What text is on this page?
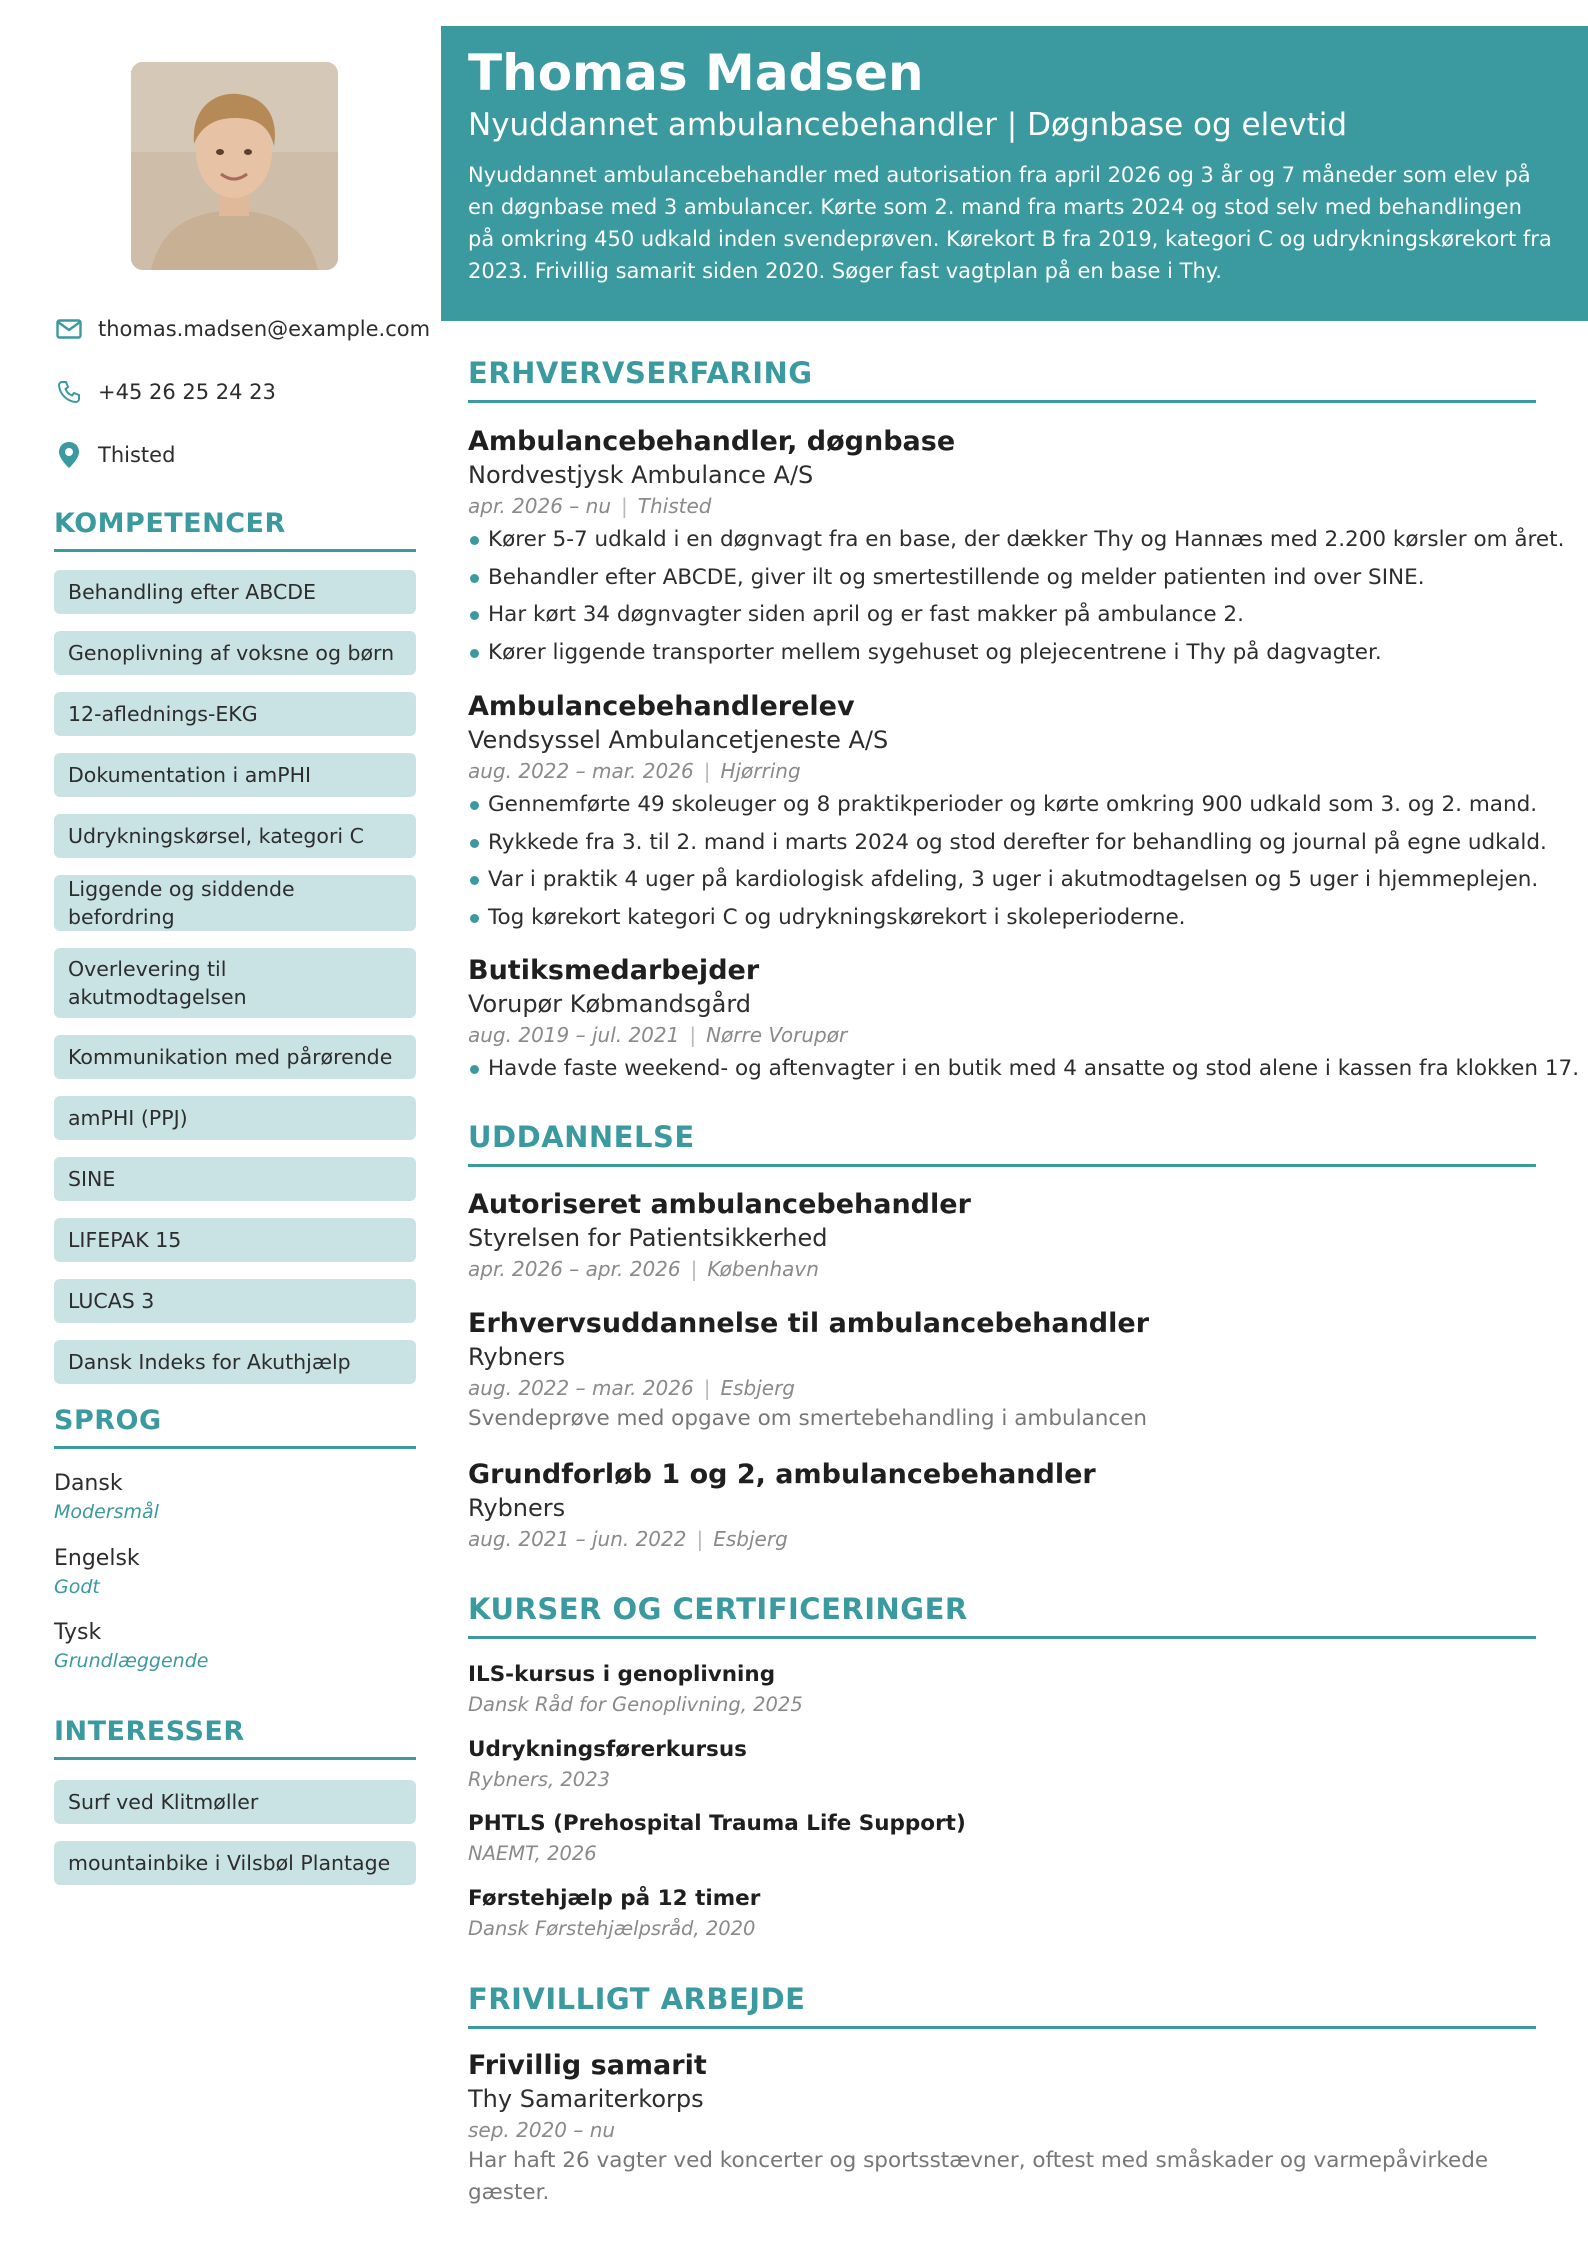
thomas.madsen@example.com
+45 26 25 24 23
Thisted
KOMPETENCER
Behandling efter ABCDE
Genoplivning af voksne og børn
12-aflednings-EKG
Dokumentation i amPHI
Udrykningskørsel, kategori C
Liggende og siddende befordring
Overlevering til akutmodtagelsen
Kommunikation med pårørende
amPHI (PPJ)
SINE
LIFEPAK 15
LUCAS 3
Dansk Indeks for Akuthjælp
SPROG
Dansk
Modersmål
Engelsk
Godt
Tysk
Grundlæggende
INTERESSER
Surf ved Klitmøller
mountainbike i Vilsbøl Plantage
Thomas Madsen
Nyuddannet ambulancebehandler | Døgnbase og elevtid
Nyuddannet ambulancebehandler med autorisation fra april 2026 og 3 år og 7 måneder som elev på en døgnbase med 3 ambulancer. Kørte som 2. mand fra marts 2024 og stod selv med behandlingen på omkring 450 udkald inden svendeprøven. Kørekort B fra 2019, kategori C og udrykningskørekort fra 2023. Frivillig samarit siden 2020. Søger fast vagtplan på en base i Thy.
ERHVERVSERFARING
Ambulancebehandler, døgnbase
Nordvestjysk Ambulance A/S
apr. 2026 – nu | Thisted
Kører 5-7 udkald i en døgnvagt fra en base, der dækker Thy og Hannæs med 2.200 kørsler om året.
Behandler efter ABCDE, giver ilt og smertestillende og melder patienten ind over SINE.
Har kørt 34 døgnvagter siden april og er fast makker på ambulance 2.
Kører liggende transporter mellem sygehuset og plejecentrene i Thy på dagvagter.
Ambulancebehandlerelev
Vendsyssel Ambulancetjeneste A/S
aug. 2022 – mar. 2026 | Hjørring
Gennemførte 49 skoleuger og 8 praktikperioder og kørte omkring 900 udkald som 3. og 2. mand.
Rykkede fra 3. til 2. mand i marts 2024 og stod derefter for behandling og journal på egne udkald.
Var i praktik 4 uger på kardiologisk afdeling, 3 uger i akutmodtagelsen og 5 uger i hjemmeplejen.
Tog kørekort kategori C og udrykningskørekort i skoleperioderne.
Butiksmedarbejder
Vorupør Købmandsgård
aug. 2019 – jul. 2021 | Nørre Vorupør
Havde faste weekend- og aftenvagter i en butik med 4 ansatte og stod alene i kassen fra klokken 17.
UDDANNELSE
Autoriseret ambulancebehandler
Styrelsen for Patientsikkerhed
apr. 2026 – apr. 2026 | København
Erhvervsuddannelse til ambulancebehandler
Rybners
aug. 2022 – mar. 2026 | Esbjerg
Svendeprøve med opgave om smertebehandling i ambulancen
Grundforløb 1 og 2, ambulancebehandler
Rybners
aug. 2021 – jun. 2022 | Esbjerg
KURSER OG CERTIFICERINGER
ILS-kursus i genoplivning
Dansk Råd for Genoplivning, 2025
Udrykningsførerkursus
Rybners, 2023
PHTLS (Prehospital Trauma Life Support)
NAEMT, 2026
Førstehjælp på 12 timer
Dansk Førstehjælpsråd, 2020
FRIVILLIGT ARBEJDE
Frivillig samarit
Thy Samariterkorps
sep. 2020 – nu
Har haft 26 vagter ved koncerter og sportsstævner, oftest med småskader og varmepåvirkede gæster.
